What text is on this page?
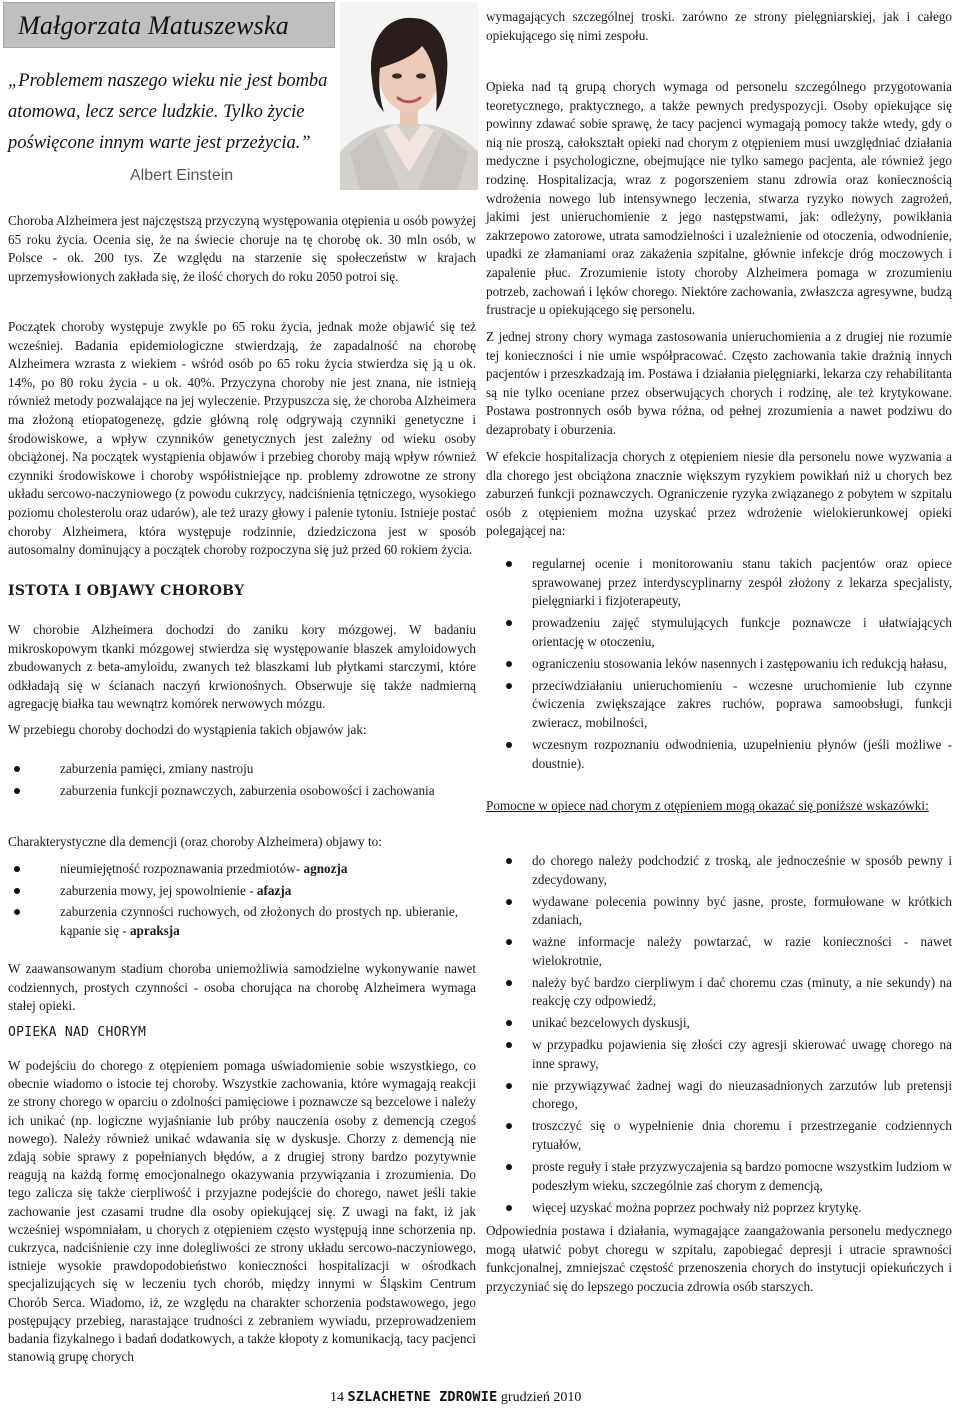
Małgorzata Matuszewska
„Problemem naszego wieku nie jest bomba atomowa, lecz serce ludzkie. Tylko życie poświęcone innym warte jest przeżycia.”
Albert Einstein

Choroba Alzheimera jest najczęstszą przyczyną występowania otępienia u osób powyżej 65 roku życia. Ocenia się, że na świecie choruje na tę chorobę ok. 30 mln osób, w Polsce - ok. 200 tys. Ze względu na starzenie się społeczeństw w krajach uprzemysłowionych zakłada się, że ilość chorych do roku 2050 potroi się.

Początek choroby występuje zwykle po 65 roku życia, jednak może objawić się też wcześniej. Badania epidemiologiczne stwierdzają, że zapadalność na chorobę Alzheimera wzrasta z wiekiem - wśród osób po 65 roku życia stwierdza się ją u ok. 14%, po 80 roku życia - u ok. 40%. Przyczyna choroby nie jest znana, nie istnieją również metody pozwalające na jej wyleczenie. Przypuszcza się, że choroba Alzheimera ma złożoną etiopatogenezę, gdzie główną rolę odgrywają czynniki genetyczne i środowiskowe, a wpływ czynników genetycznych jest zależny od wieku osoby obciążonej. Na początek wystąpienia objawów i przebieg choroby mają wpływ również czynniki środowiskowe i choroby współistniejące np. problemy zdrowotne ze strony układu sercowo-naczyniowego (z powodu cukrzycy, nadciśnienia tętniczego, wysokiego poziomu cholesterolu oraz udarów), ale też urazy głowy i palenie tytoniu. Istnieje postać choroby Alzheimera, która występuje rodzinnie, dziedziczona jest w sposób autosomalny dominujący a początek choroby rozpoczyna się już przed 60 rokiem życia.

ISTOTA I OBJAWY CHOROBY

W chorobie Alzheimera dochodzi do zaniku kory mózgowej. W badaniu mikroskopowym tkanki mózgowej stwierdza się występowanie blaszek amyloidowych zbudowanych z beta-amyloidu, zwanych też blaszkami lub płytkami starczymi, które odkładają się w ścianach naczyń krwionośnych. Obserwuje się także nadmierną agregację białka tau wewnątrz komórek nerwowych mózgu.

W przebiegu choroby dochodzi do wystąpienia takich objawów jak:

zaburzenia pamięci, zmiany nastroju
zaburzenia funkcji poznawczych, zaburzenia osobowości i zachowania

Charakterystyczne dla demencji (oraz choroby Alzheimera) objawy to:

nieumiejętność rozpoznawania przedmiotów- agnozja
zaburzenia mowy, jej spowolnienie - afazja
zaburzenia czynności ruchowych, od złożonych do prostych np. ubieranie, kąpanie się - apraksja

W zaawansowanym stadium choroba uniemożliwia samodzielne wykonywanie nawet codziennych, prostych czynności - osoba chorująca na chorobę Alzheimera wymaga stałej opieki.

OPIEKA NAD CHORYM

W podejściu do chorego z otępieniem pomaga uświadomienie sobie wszystkiego, co obecnie wiadomo o istocie tej choroby. Wszystkie zachowania, które wymagają reakcji ze strony chorego w oparciu o zdolności pamięciowe i poznawcze są bezcelowe i należy ich unikać (np. logiczne wyjaśnianie lub próby nauczenia osoby z demencją czegoś nowego). Należy również unikać wdawania się w dyskusje. Chorzy z demencją nie zdają sobie sprawy z popełnianych błędów, a z drugiej strony bardzo pozytywnie reagują na każdą formę emocjonalnego okazywania przywiązania i zrozumienia. Do tego zalicza się także cierpliwość i przyjazne podejście do chorego, nawet jeśli takie zachowanie jest czasami trudne dla osoby opiekującej się. Z uwagi na fakt, iż jak wcześniej wspomniałam, u chorych z otępieniem często występują inne schorzenia np. cukrzyca, nadciśnienie czy inne dolegliwości ze strony układu sercowo-naczyniowego, istnieje wysokie prawdopodobieństwo konieczności hospitalizacji w ośrodkach specjalizujących się w leczeniu tych chorób, między innymi w Śląskim Centrum Chorób Serca. Wiadomo, iż, ze względu na charakter schorzenia podstawowego, jego postępujący przebieg, narastające trudności z zebraniem wywiadu, przeprowadzeniem badania fizykalnego i badań dodatkowych, a także kłopoty z komunikacją, tacy pacjenci stanowią grupę chorych

wymagających szczególnej troski. zarówno ze strony pielęgniarskiej, jak i całego opiekującego się nimi zespołu.

Opieka nad tą grupą chorych wymaga od personelu szczególnego przygotowania teoretycznego, praktycznego, a także pewnych predyspozycji. Osoby opiekujące się powinny zdawać sobie sprawę, że tacy pacjenci wymagają pomocy także wtedy, gdy o nią nie proszą, całokształt opieki nad chorym z otępieniem musi uwzględniać działania medyczne i psychologiczne, obejmujące nie tylko samego pacjenta, ale również jego rodzinę. Hospitalizacja, wraz z pogorszeniem stanu zdrowia oraz koniecznością wdrożenia nowego lub intensywnego leczenia, stwarza ryzyko nowych zagrożeń, jakimi jest unieruchomienie z jego następstwami, jak: odleżyny, powikłania zakrzepowo zatorowe, utrata samodzielności i uzależnienie od otoczenia, odwodnienie, upadki ze złamaniami oraz zakażenia szpitalne, głównie infekcje dróg moczowych i zapalenie płuc. Zrozumienie istoty choroby Alzheimera pomaga w zrozumieniu potrzeb, zachowań i lęków chorego. Niektóre zachowania, zwłaszcza agresywne, budzą frustracje u opiekującego się personelu.

Z jednej strony chory wymaga zastosowania unieruchomienia a z drugiej nie rozumie tej konieczności i nie umie współpracować. Często zachowania takie drażnią innych pacjentów i przeszkadzają im. Postawa i działania pielęgniarki, lekarza czy rehabilitanta są nie tylko oceniane przez obserwujących chorych i rodzinę, ale też krytykowane. Postawa postronnych osób bywa różna, od pełnej zrozumienia a nawet podziwu do dezaprobaty i oburzenia.

W efekcie hospitalizacja chorych z otępieniem niesie dla personelu nowe wyzwania a dla chorego jest obciążona znacznie większym ryzykiem powikłań niż u chorych bez zaburzeń funkcji poznawczych. Ograniczenie ryzyka związanego z pobytem w szpitalu osób z otępieniem można uzyskać przez wdrożenie wielokierunkowej opieki polegającej na:

regularnej ocenie i monitorowaniu stanu takich pacjentów oraz opiece sprawowanej przez interdyscyplinarny zespół złożony z lekarza specjalisty, pielęgniarki i fizjoterapeuty,
prowadzeniu zajęć stymulujących funkcje poznawcze i ułatwiających orientację w otoczeniu,
ograniczeniu stosowania leków nasennych i zastępowaniu ich redukcją hałasu,
przeciwdziałaniu unieruchomieniu - wczesne uruchomienie lub czynne ćwiczenia zwiększające zakres ruchów, poprawa samoobsługi, funkcji zwieracz, mobilności,
wczesnym rozpoznaniu odwodnienia, uzupełnieniu płynów (jeśli możliwe - doustnie).

Pomocne w opiece nad chorym z otępieniem mogą okazać się poniższe wskazówki:

do chorego należy podchodzić z troską, ale jednocześnie w sposób pewny i zdecydowany,
wydawane polecenia powinny być jasne, proste, formułowane w krótkich zdaniach,
ważne informacje należy powtarzać, w razie konieczności - nawet wielokrotnie,
należy być bardzo cierpliwym i dać choremu czas (minuty, a nie sekundy) na reakcję czy odpowiedź,
unikać bezcelowych dyskusji,
w przypadku pojawienia się złości czy agresji skierować uwagę chorego na inne sprawy,
nie przywiązywać żadnej wagi do nieuzasadnionych zarzutów lub pretensji chorego,
troszczyć się o wypełnienie dnia choremu i przestrzeganie codziennych rytuałów,
proste reguły i stałe przyzwyczajenia są bardzo pomocne wszystkim ludziom w podeszłym wieku, szczególnie zaś chorym z demencją,
więcej uzyskać można poprzez pochwały niż poprzez krytykę.

Odpowiednia postawa i działania, wymagające zaangażowania personelu medycznego mogą ułatwić pobyt choregu w szpitalu, zapobiegać depresji i utracie sprawności funkcjonalnej, zmniejszać częstość przenoszenia chorych do instytucji opiekuńczych i przyczyniać się do lepszego poczucia zdrowia osób starszych.

14 SZLACHETNE ZDROWIE grudzień 2010
